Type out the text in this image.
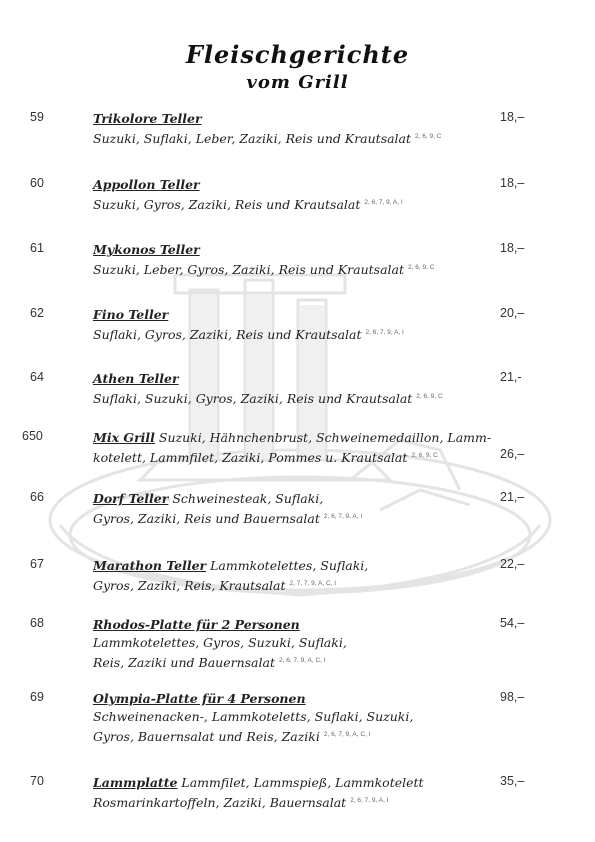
Fleischgerichte
vom Grill
59	Trikolore Teller
Suzuki, Suflaki, Leber, Zaziki, Reis und Krautsalat $^{2, 6, 9, C}$
18,–
60	Appollon Teller
Suzuki, Gyros, Zaziki, Reis und Krautsalat $^{2, 6, 7, 9, A, I}$
18,–
61	Mykonos Teller
Suzuki, Leber, Gyros, Zaziki, Reis und Krautsalat $^{2, 6, 9, C}$
18,–
62	Fino Teller
Suflaki, Gyros, Zaziki, Reis und Krautsalat $^{2, 6, 7, 9, A, I}$
20,–
64	Athen Teller
Suflaki, Suzuki, Gyros, Zaziki, Reis und Krautsalat $^{2, 6, 9, C}$
21,-
650	Mix Grill Suzuki, Hähnchenbrust, Schweinemedaillon, Lamm-
kotelett, Lammfilet, Zaziki, Pommes u. Krautsalat $^{2, 6, 9, C}$	26,–
66	Dorf Teller Schweinesteak, Suflaki,
Gyros, Zaziki, Reis und Bauernsalat $^{2, 6, 7, 9, A, I}$
21,–
67	Marathon Teller Lammkotelettes, Suflaki,
Gyros, Zaziki, Reis, Krautsalat $^{2, 7, 7, 9, A, C, I}$
22,–
68	Rhodos-Platte für 2 Personen
Lammkotelettes, Gyros, Suzuki, Suflaki,
Reis, Zaziki und Bauernsalat $^{2, 6, 7, 9, A, C, I}$
54,–
69	Olympia-Platte für 4 Personen
Schweinenacken-, Lammkoteletts, Suflaki, Suzuki,
Gyros, Bauernsalat und Reis, Zaziki $^{2, 6, 7, 9, A, C, I}$
98,–
70	Lammplatte Lammfilet, Lammspieß, Lammkotelett
Rosmarinkartoffeln, Zaziki, Bauernsalat $^{2, 6, 7, 9, A, I}$
35,–
